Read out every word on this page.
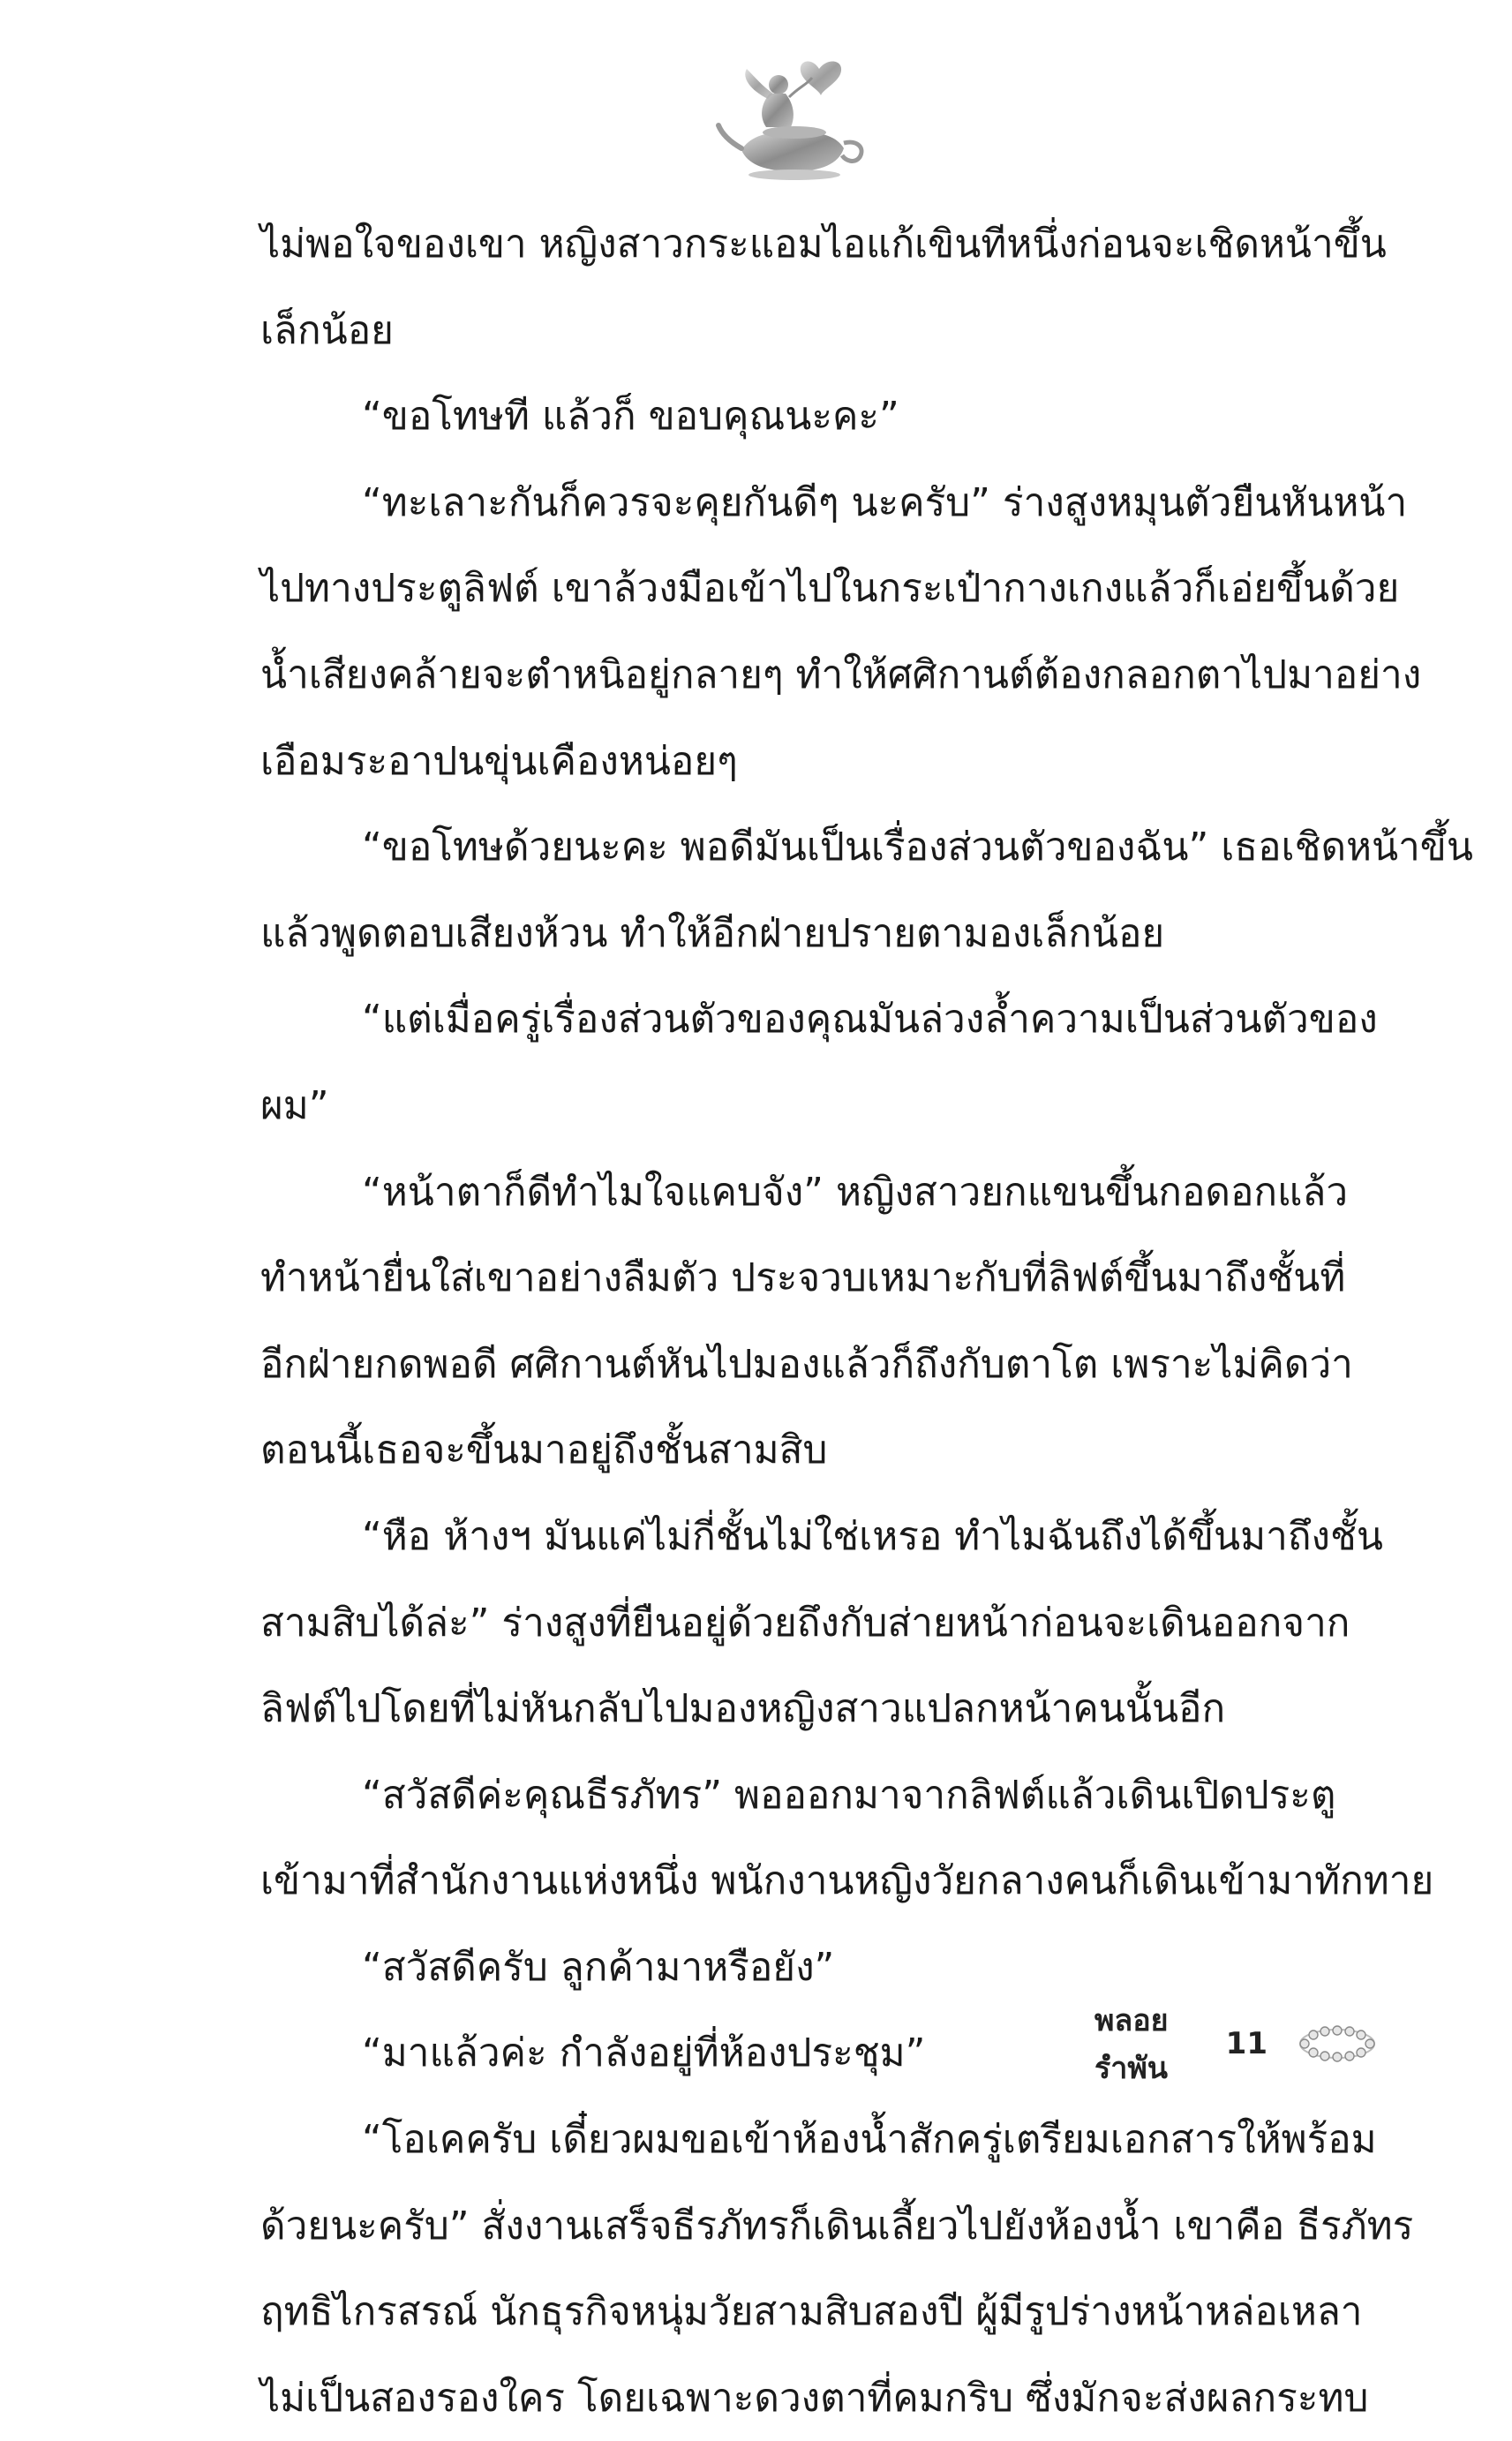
ไม่พอใจของเขา หญิงสาวกระแอมไอแก้เขินทีหนึ่งก่อนจะเชิดหน้าขึ้น
เล็กน้อย
“ขอโทษที แล้วก็ ขอบคุณนะคะ”
“ทะเลาะกันก็ควรจะคุยกันดีๆ นะครับ” ร่างสูงหมุนตัวยืนหันหน้า
ไปทางประตูลิฟต์ เขาล้วงมือเข้าไปในกระเป๋ากางเกงแล้วก็เอ่ยขึ้นด้วย
น้ำเสียงคล้ายจะตำหนิอยู่กลายๆ ทำให้ศศิกานต์ต้องกลอกตาไปมาอย่าง
เอือมระอาปนขุ่นเคืองหน่อยๆ
“ขอโทษด้วยนะคะ พอดีมันเป็นเรื่องส่วนตัวของฉัน” เธอเชิดหน้าขึ้น
แล้วพูดตอบเสียงห้วน ทำให้อีกฝ่ายปรายตามองเล็กน้อย
“แต่เมื่อครู่เรื่องส่วนตัวของคุณมันล่วงล้ำความเป็นส่วนตัวของ
ผม”
“หน้าตาก็ดีทำไมใจแคบจัง” หญิงสาวยกแขนขึ้นกอดอกแล้ว
ทำหน้ายื่นใส่เขาอย่างลืมตัว ประจวบเหมาะกับที่ลิฟต์ขึ้นมาถึงชั้นที่
อีกฝ่ายกดพอดี ศศิกานต์หันไปมองแล้วก็ถึงกับตาโต เพราะไม่คิดว่า
ตอนนี้เธอจะขึ้นมาอยู่ถึงชั้นสามสิบ
“หือ ห้างฯ มันแค่ไม่กี่ชั้นไม่ใช่เหรอ ทำไมฉันถึงได้ขึ้นมาถึงชั้น
สามสิบได้ล่ะ” ร่างสูงที่ยืนอยู่ด้วยถึงกับส่ายหน้าก่อนจะเดินออกจาก
ลิฟต์ไปโดยที่ไม่หันกลับไปมองหญิงสาวแปลกหน้าคนนั้นอีก
“สวัสดีค่ะคุณธีรภัทร” พอออกมาจากลิฟต์แล้วเดินเปิดประตู
เข้ามาที่สำนักงานแห่งหนึ่ง พนักงานหญิงวัยกลางคนก็เดินเข้ามาทักทาย
“สวัสดีครับ ลูกค้ามาหรือยัง”
“มาแล้วค่ะ กำลังอยู่ที่ห้องประชุม”
“โอเคครับ เดี๋ยวผมขอเข้าห้องน้ำสักครู่เตรียมเอกสารให้พร้อม
ด้วยนะครับ” สั่งงานเสร็จธีรภัทรก็เดินเลี้ยวไปยังห้องน้ำ เขาคือ ธีรภัทร
ฤทธิไกรสรณ์ นักธุรกิจหนุ่มวัยสามสิบสองปี ผู้มีรูปร่างหน้าหล่อเหลา
ไม่เป็นสองรองใคร โดยเฉพาะดวงตาที่คมกริบ ซึ่งมักจะส่งผลกระทบ
พลอยรำพัน
11
